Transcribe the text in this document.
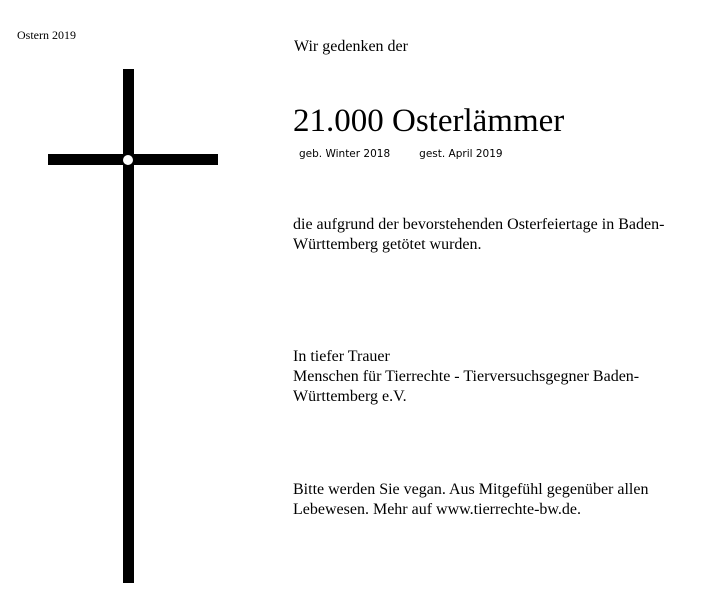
Ostern 2019
Wir gedenken der
21.000 Osterlämmer
geb. Winter 2018	gest. April 2019
die aufgrund der bevorstehenden Osterfeiertage in Baden-
Württemberg getötet wurden.
In tiefer Trauer
Menschen für Tierrechte - Tierversuchsgegner Baden-
Württemberg e.V.
Bitte werden Sie vegan. Aus Mitgefühl gegenüber allen
Lebewesen. Mehr auf www.tierrechte-bw.de.
